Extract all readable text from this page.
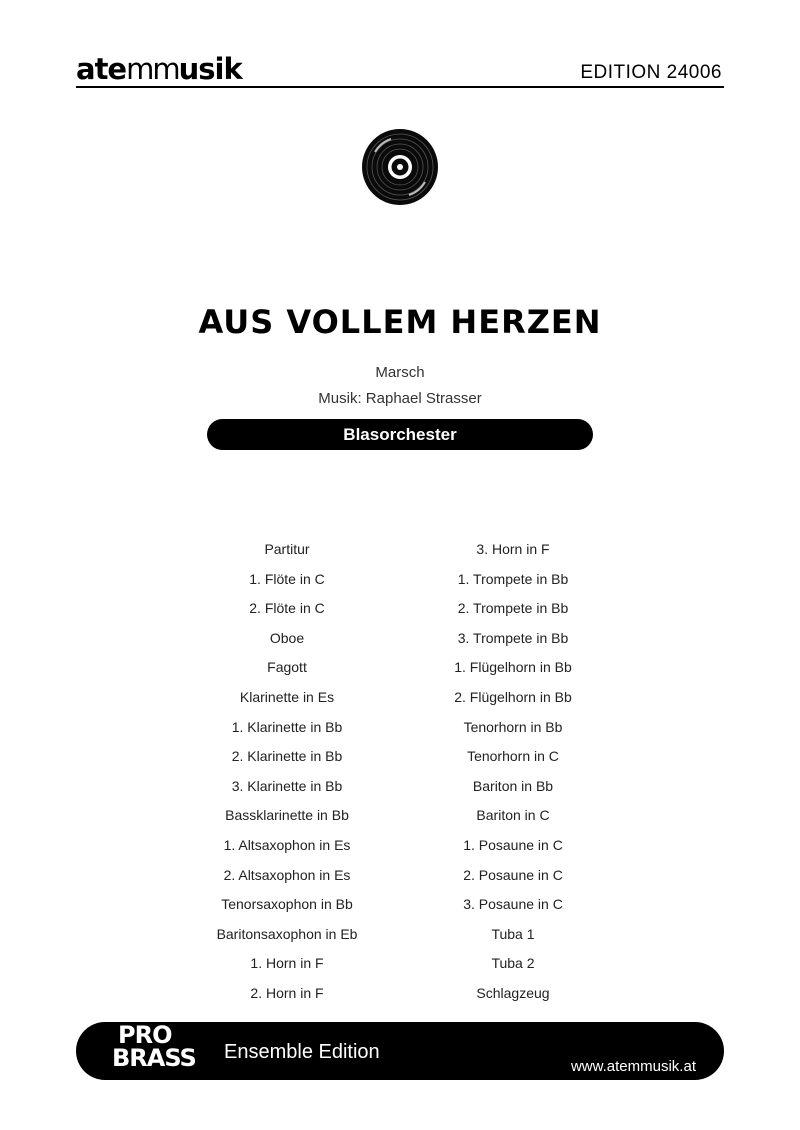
atemmusik	EDITION 24006
AUS VOLLEM HERZEN
Marsch
Musik: Raphael Strasser
Blasorchester
Partitur
1. Flöte in C
2. Flöte in C
Oboe
Fagott
Klarinette in Es
1. Klarinette in Bb
2. Klarinette in Bb
3. Klarinette in Bb
Bassklarinette in Bb
1. Altsaxophon in Es
2. Altsaxophon in Es
Tenorsaxophon in Bb
Baritonsaxophon in Eb
1. Horn in F
2. Horn in F
3. Horn in F
1. Trompete in Bb
2. Trompete in Bb
3. Trompete in Bb
1. Flügelhorn in Bb
2. Flügelhorn in Bb
Tenorhorn in Bb
Tenorhorn in C
Bariton in Bb
Bariton in C
1. Posaune in C
2. Posaune in C
3. Posaune in C
Tuba 1
Tuba 2
Schlagzeug
PRO
BRASS Ensemble Edition
www.atemmusik.at
